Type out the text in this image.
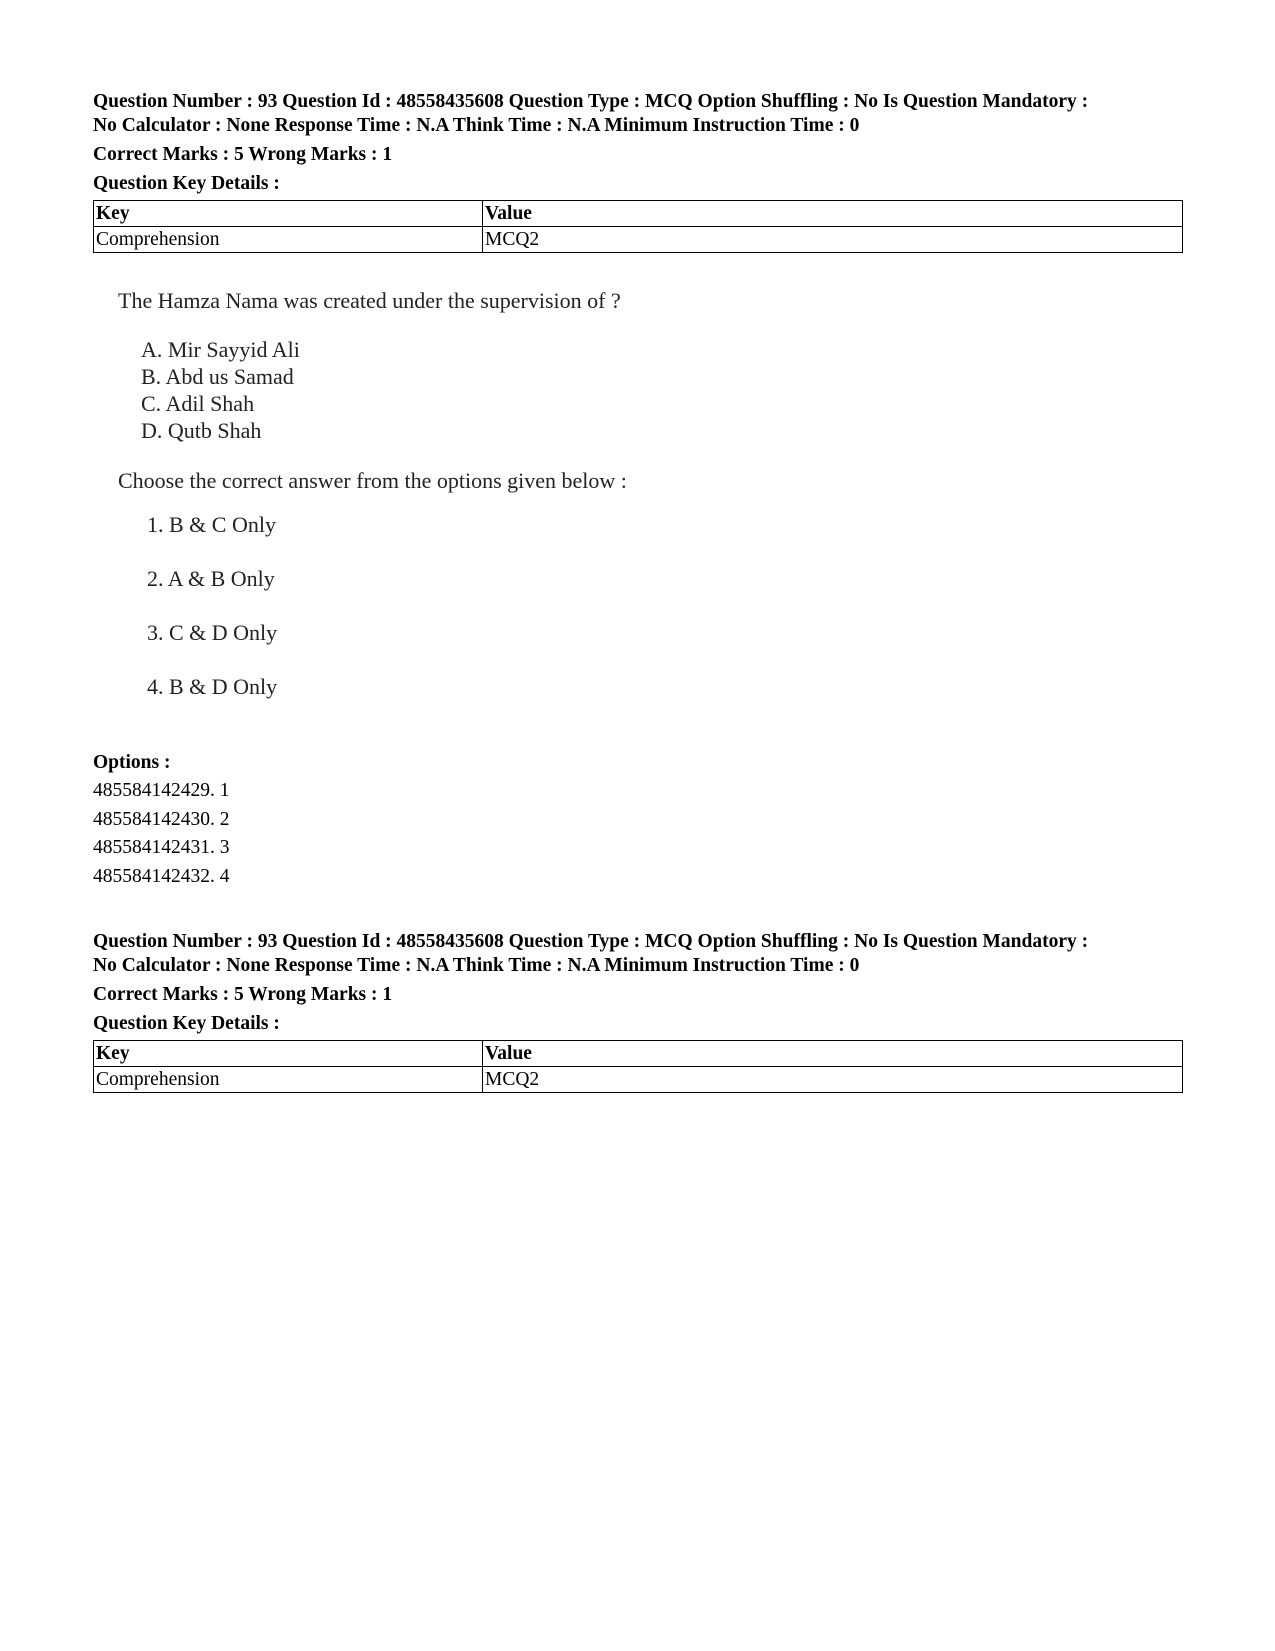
Question Number : 93 Question Id : 48558435608 Question Type : MCQ Option Shuffling : No Is Question Mandatory :
No Calculator : None Response Time : N.A Think Time : N.A Minimum Instruction Time : 0
Correct Marks : 5 Wrong Marks : 1
Question Key Details :
Key	Value
Comprehension	MCQ2
The Hamza Nama was created under the supervision of ?
A. Mir Sayyid Ali
B. Abd us Samad
C. Adil Shah
D. Qutb Shah
Choose the correct answer from the options given below :
1. B & C Only
2. A & B Only
3. C & D Only
4. B & D Only
Options :
485584142429. 1
485584142430. 2
485584142431. 3
485584142432. 4
Question Number : 93 Question Id : 48558435608 Question Type : MCQ Option Shuffling : No Is Question Mandatory :
No Calculator : None Response Time : N.A Think Time : N.A Minimum Instruction Time : 0
Correct Marks : 5 Wrong Marks : 1
Question Key Details :
Key	Value
Comprehension	MCQ2
